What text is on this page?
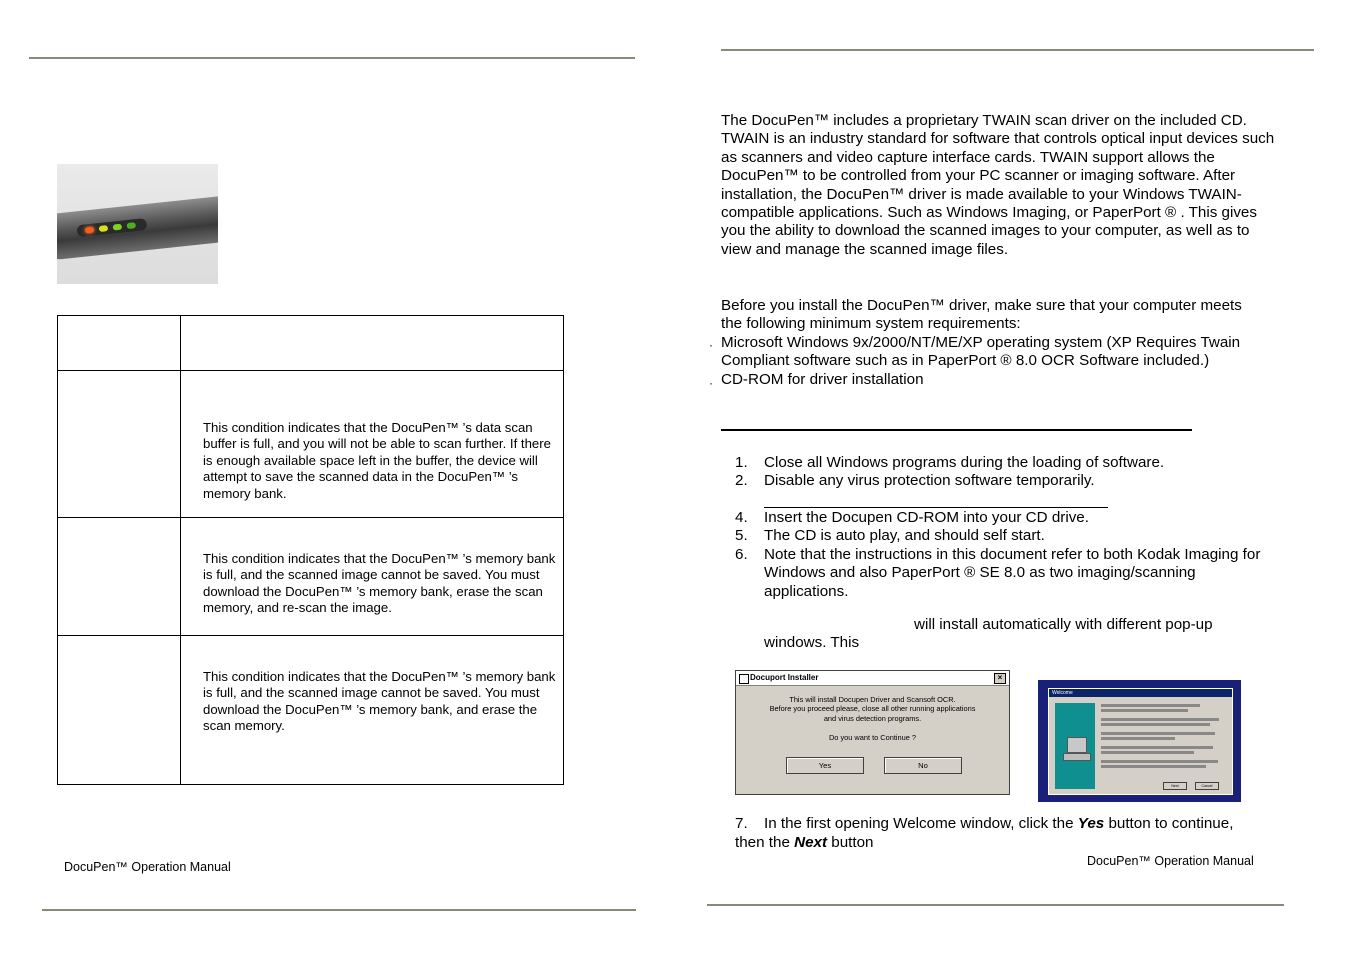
This condition indicates that the DocuPen™ ’s data scan buffer is full, and you will not be able to scan further. If there is enough available space left in the buffer, the device will attempt to save the scanned data in the DocuPen™ ’s memory bank.
This condition indicates that the DocuPen™ ’s memory bank is full, and the scanned image cannot be saved. You must download the DocuPen™ ’s memory bank, erase the scan memory, and re-scan the image.
This condition indicates that the DocuPen™ ’s memory bank is full, and the scanned image cannot be saved. You must download the DocuPen™ ’s memory bank, and erase the scan memory.
DocuPen™ Operation Manual
The DocuPen™ includes a proprietary TWAIN scan driver on the included CD. TWAIN is an industry standard for software that controls optical input devices such as scanners and video capture interface cards. TWAIN support allows the DocuPen™ to be controlled from your PC scanner or imaging software. After installation, the DocuPen™ driver is made available to your Windows TWAIN-compatible applications. Such as Windows Imaging, or PaperPort ® . This gives you the ability to download the scanned images to your computer, as well as to view and manage the scanned image files.
Before you install the DocuPen™ driver, make sure that your computer meets the following minimum system requirements:
· Microsoft Windows 9x/2000/NT/ME/XP operating system (XP Requires Twain Compliant software such as in PaperPort ® 8.0 OCR Software included.)
· CD-ROM for driver installation
1. Close all Windows programs during the loading of software.
2. Disable any virus protection software temporarily.
4. Insert the Docupen CD-ROM into your CD drive.
5. The CD is auto play, and should self start.
6.	Note that the instructions in this document refer to both Kodak Imaging for Windows and also PaperPort ® SE 8.0 as two imaging/scanning applications.
will install automatically with different pop-up
windows. This
Docuport Installer	×
This will install Docupen Driver and Scansoft OCR.
Before you proceed please, close all other running applications
and virus detection programs.
Do you want to Continue ?
Yes	No
Welcome
Next	Cancel
7. In the first opening Welcome window, click the Yes button to continue,
then the Next button
DocuPen™ Operation Manual
